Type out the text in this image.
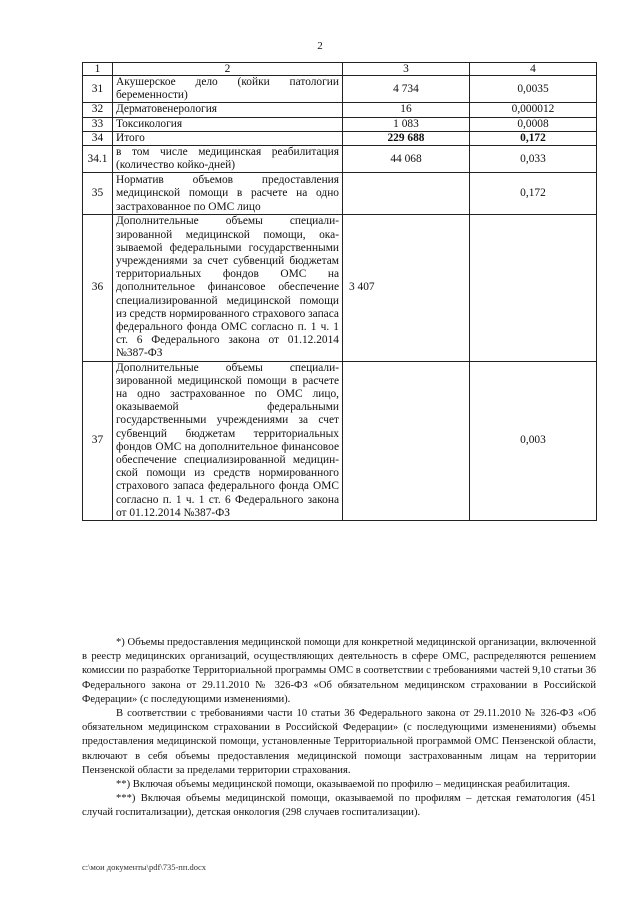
2
1	2	3	4
31	Акушерское дело (койки патологии беременности)	4 734	0,0035
32	Дерматовенерология	16	0,000012
33	Токсикология	1 083	0,0008
34	Итого	229 688	0,172
34.1	в том числе медицинская реабилитация (количество койко-дней)	44 068	0,033
35	Норматив объемов предоставления медицинской помощи в расчете на одно застрахованное по ОМС лицо		0,172
36	Дополнительные объемы специализированной медицинской помощи, оказываемой федеральными государственными учреждениями за счет субвенций бюджетам территориальных фондов ОМС на дополнительное финансовое обеспечение специализированной медицинской помощи из средств нормированного страхового запаса федерального фонда ОМС согласно п. 1 ч. 1 ст. 6 Федерального закона от 01.12.2014 №387-ФЗ	3 407	
37	Дополнительные объемы специализированной медицинской помощи в расчете на одно застрахованное по ОМС лицо, оказываемой федеральными государственными учреждениями за счет субвенций бюджетам территориальных фондов ОМС на дополнительное финансовое обеспечение специализированной медицинской помощи из средств нормированного страхового запаса федерального фонда ОМС согласно п. 1 ч. 1 ст. 6 Федерального закона от 01.12.2014 №387-ФЗ		0,003

*) Объемы предоставления медицинской помощи для конкретной медицинской организации, включенной в реестр медицинских организаций, осуществляющих деятельность в сфере ОМС, распределяются решением комиссии по разработке Территориальной программы ОМС в соответствии с требованиями частей 9,10 статьи 36 Федерального закона от 29.11.2010 № 326-ФЗ «Об обязательном медицинском страховании в Российской Федерации» (с последующими изменениями).

В соответствии с требованиями части 10 статьи 36 Федерального закона от 29.11.2010 № 326-ФЗ «Об обязательном медицинском страховании в Российской Федерации» (с последующими изменениями) объемы предоставления медицинской помощи, установленные Территориальной программой ОМС Пензенской области, включают в себя объемы предоставления медицинской помощи застрахованным лицам на территории Пензенской области за пределами территории страхования.

**) Включая объемы медицинской помощи, оказываемой по профилю – медицинская реабилитация.

***) Включая объемы медицинской помощи, оказываемой по профилям – детская гематология (451 случай госпитализации), детская онкология (298 случаев госпитализации).

c:\мои документы\pdf\735-пп.docx
